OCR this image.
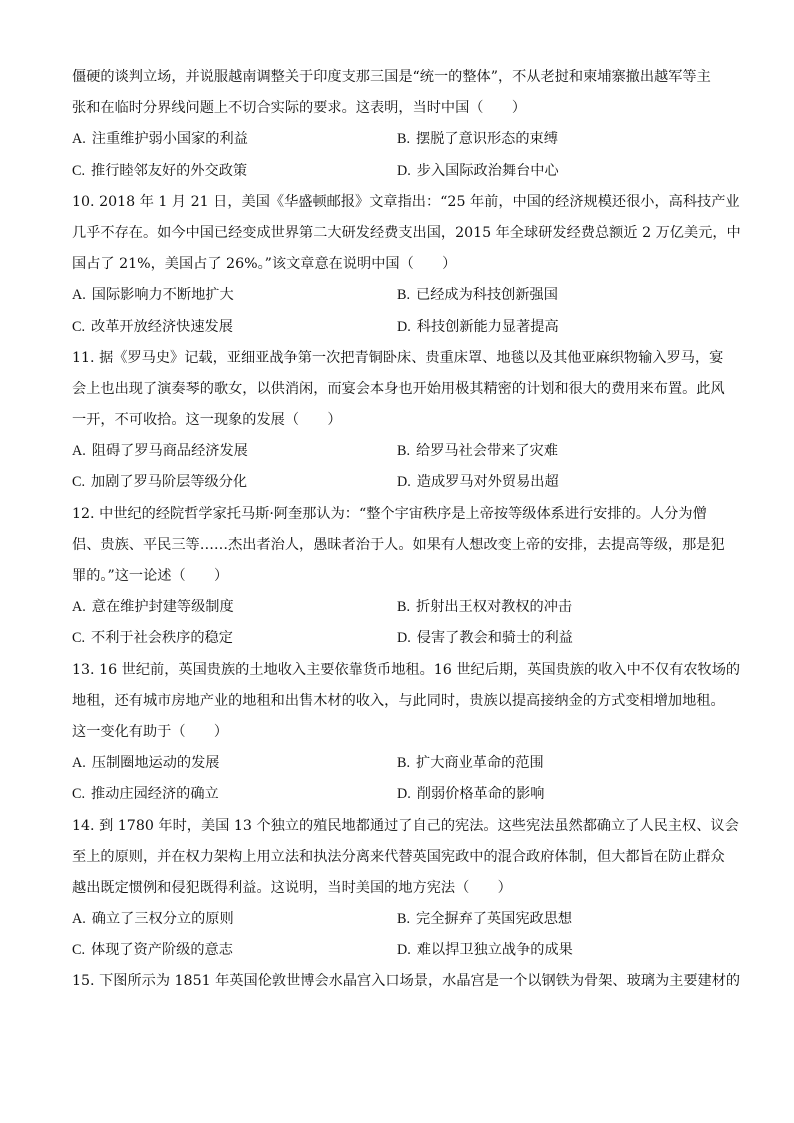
僵硬的谈判立场，并说服越南调整关于印度支那三国是“统一的整体”，不从老挝和柬埔寨撤出越军等主
张和在临时分界线问题上不切合实际的要求。这表明，当时中国（　　）
A. 注重维护弱小国家的利益	B. 摆脱了意识形态的束缚
C. 推行睦邻友好的外交政策	D. 步入国际政治舞台中心
10. 2018 年 1 月 21 日，美国《华盛顿邮报》文章指出：“25 年前，中国的经济规模还很小，高科技产业
几乎不存在。如今中国已经变成世界第二大研发经费支出国，2015 年全球研发经费总额近 2 万亿美元，中
国占了 21%，美国占了 26%。”该文章意在说明中国（　　）
A. 国际影响力不断地扩大	B. 已经成为科技创新强国
C. 改革开放经济快速发展	D. 科技创新能力显著提高
11. 据《罗马史》记载，亚细亚战争第一次把青铜卧床、贵重床罩、地毯以及其他亚麻织物输入罗马，宴
会上也出现了演奏琴的歌女，以供消闲，而宴会本身也开始用极其精密的计划和很大的费用来布置。此风
一开，不可收拾。这一现象的发展（　　）
A. 阻碍了罗马商品经济发展	B. 给罗马社会带来了灾难
C. 加剧了罗马阶层等级分化	D. 造成罗马对外贸易出超
12. 中世纪的经院哲学家托马斯·阿奎那认为：“整个宇宙秩序是上帝按等级体系进行安排的。人分为僧
侣、贵族、平民三等……杰出者治人，愚昧者治于人。如果有人想改变上帝的安排，去提高等级，那是犯
罪的。”这一论述（　　）
A. 意在维护封建等级制度	B. 折射出王权对教权的冲击
C. 不利于社会秩序的稳定	D. 侵害了教会和骑士的利益
13. 16 世纪前，英国贵族的土地收入主要依靠货币地租。16 世纪后期，英国贵族的收入中不仅有农牧场的
地租，还有城市房地产业的地租和出售木材的收入，与此同时，贵族以提高接纳金的方式变相增加地租。
这一变化有助于（　　）
A. 压制圈地运动的发展	B. 扩大商业革命的范围
C. 推动庄园经济的确立	D. 削弱价格革命的影响
14. 到 1780 年时，美国 13 个独立的殖民地都通过了自己的宪法。这些宪法虽然都确立了人民主权、议会
至上的原则，并在权力架构上用立法和执法分离来代替英国宪政中的混合政府体制，但大都旨在防止群众
越出既定惯例和侵犯既得利益。这说明，当时美国的地方宪法（　　）
A. 确立了三权分立的原则	B. 完全摒弃了英国宪政思想
C. 体现了资产阶级的意志	D. 难以捍卫独立战争的成果
15. 下图所示为 1851 年英国伦敦世博会水晶宫入口场景，水晶宫是一个以钢铁为骨架、玻璃为主要建材的
